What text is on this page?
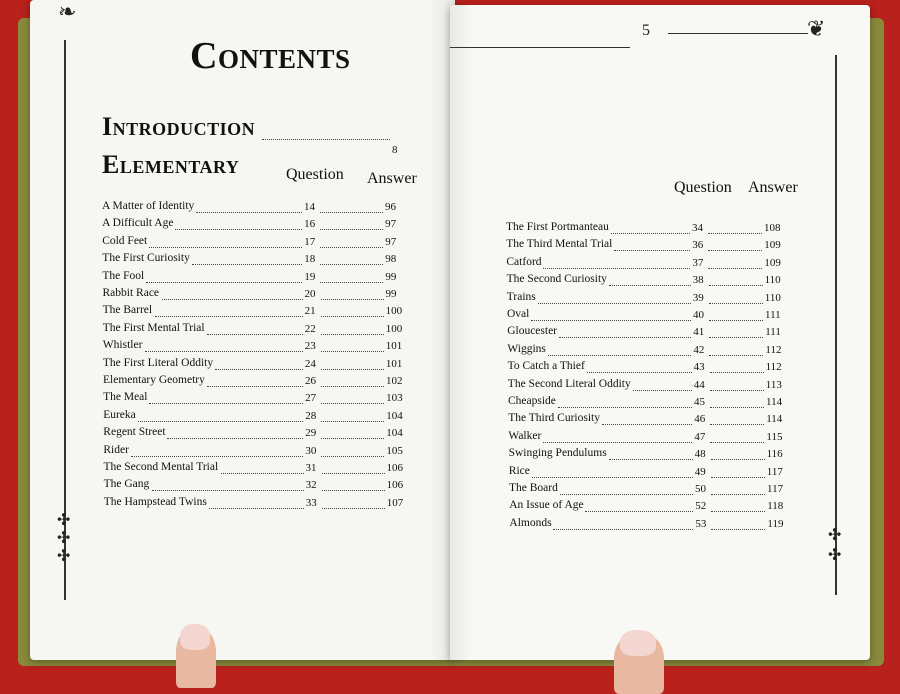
❧
✣
✣
✣
Contents
Introduction
8
Elementary	Question Answer
A Matter of Identity	14	96
A Difficult Age	16	97
Cold Feet	17	97
The First Curiosity	18	98
The Fool	19	99
Rabbit Race	20	99
The Barrel	21	100
The First Mental Trial	22	100
Whistler	23	101
The First Literal Oddity	24	101
Elementary Geometry	26	102
The Meal	27	103
Eureka	28	104
Regent Street	29	104
Rider	30	105
The Second Mental Trial	31	106
The Gang	32	106
The Hampstead Twins	33	107
5	❦
✣
✣
Question Answer
The First Portmanteau	34	108
The Third Mental Trial	36	109
Catford	37	109
The Second Curiosity	38	110
Trains	39	110
Oval	40	111
Gloucester	41	111
Wiggins	42	112
To Catch a Thief	43	112
The Second Literal Oddity	44	113
Cheapside	45	114
The Third Curiosity	46	114
Walker	47	115
Swinging Pendulums	48	116
Rice	49	117
The Board	50	117
An Issue of Age	52	118
Almonds	53	119
